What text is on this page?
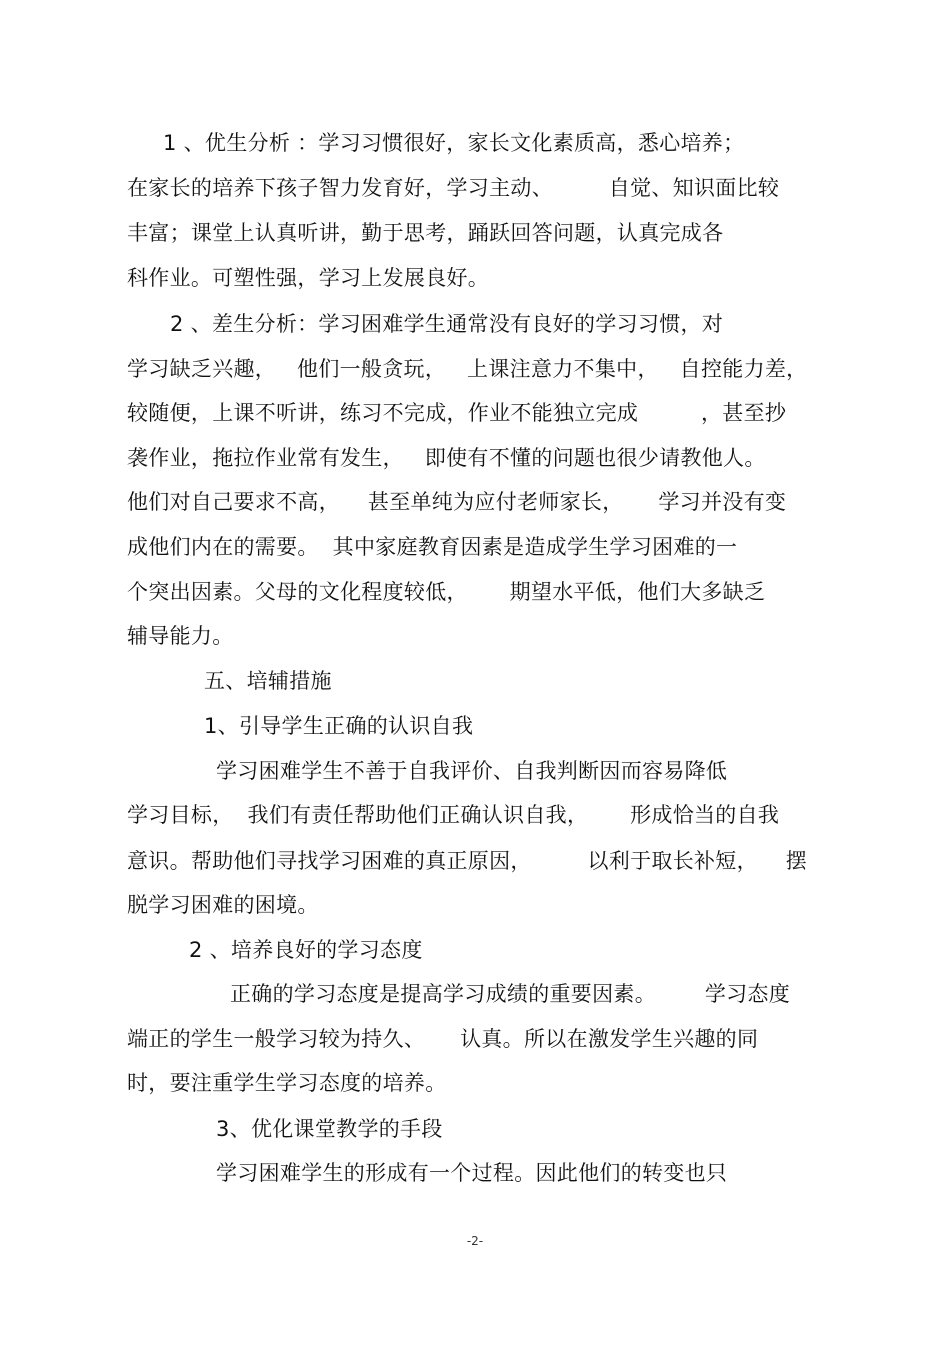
1 、优生分析 ：学习习惯很好，家长文化素质高，悉心培养；
在家长的培养下孩子智力发育好，学习主动、        自觉、知识面比较
丰富；课堂上认真听讲，勤于思考，踊跃回答问题，认真完成各
科作业。可塑性强，学习上发展良好。
2 、差生分析：学习困难学生通常没有良好的学习习惯，对
学习缺乏兴趣，   他们一般贪玩，   上课注意力不集中，   自控能力差，
较随便，上课不听讲，练习不完成，作业不能独立完成         ，甚至抄
袭作业，拖拉作业常有发生，   即使有不懂的问题也很少请教他人。
他们对自己要求不高，    甚至单纯为应付老师家长，     学习并没有变
成他们内在的需要。  其中家庭教育因素是造成学生学习困难的一
个突出因素。父母的文化程度较低，      期望水平低，他们大多缺乏
辅导能力。
五、培辅措施
1、引导学生正确的认识自我
学习困难学生不善于自我评价、自我判断因而容易降低
学习目标，  我们有责任帮助他们正确认识自我，      形成恰当的自我
意识。帮助他们寻找学习困难的真正原因，        以利于取长补短，    摆
脱学习困难的困境。
2 、培养良好的学习态度
正确的学习态度是提高学习成绩的重要因素。       学习态度
端正的学生一般学习较为持久、     认真。所以在激发学生兴趣的同
时，要注重学生学习态度的培养。
3、优化课堂教学的手段
学习困难学生的形成有一个过程。因此他们的转变也只
-2-
